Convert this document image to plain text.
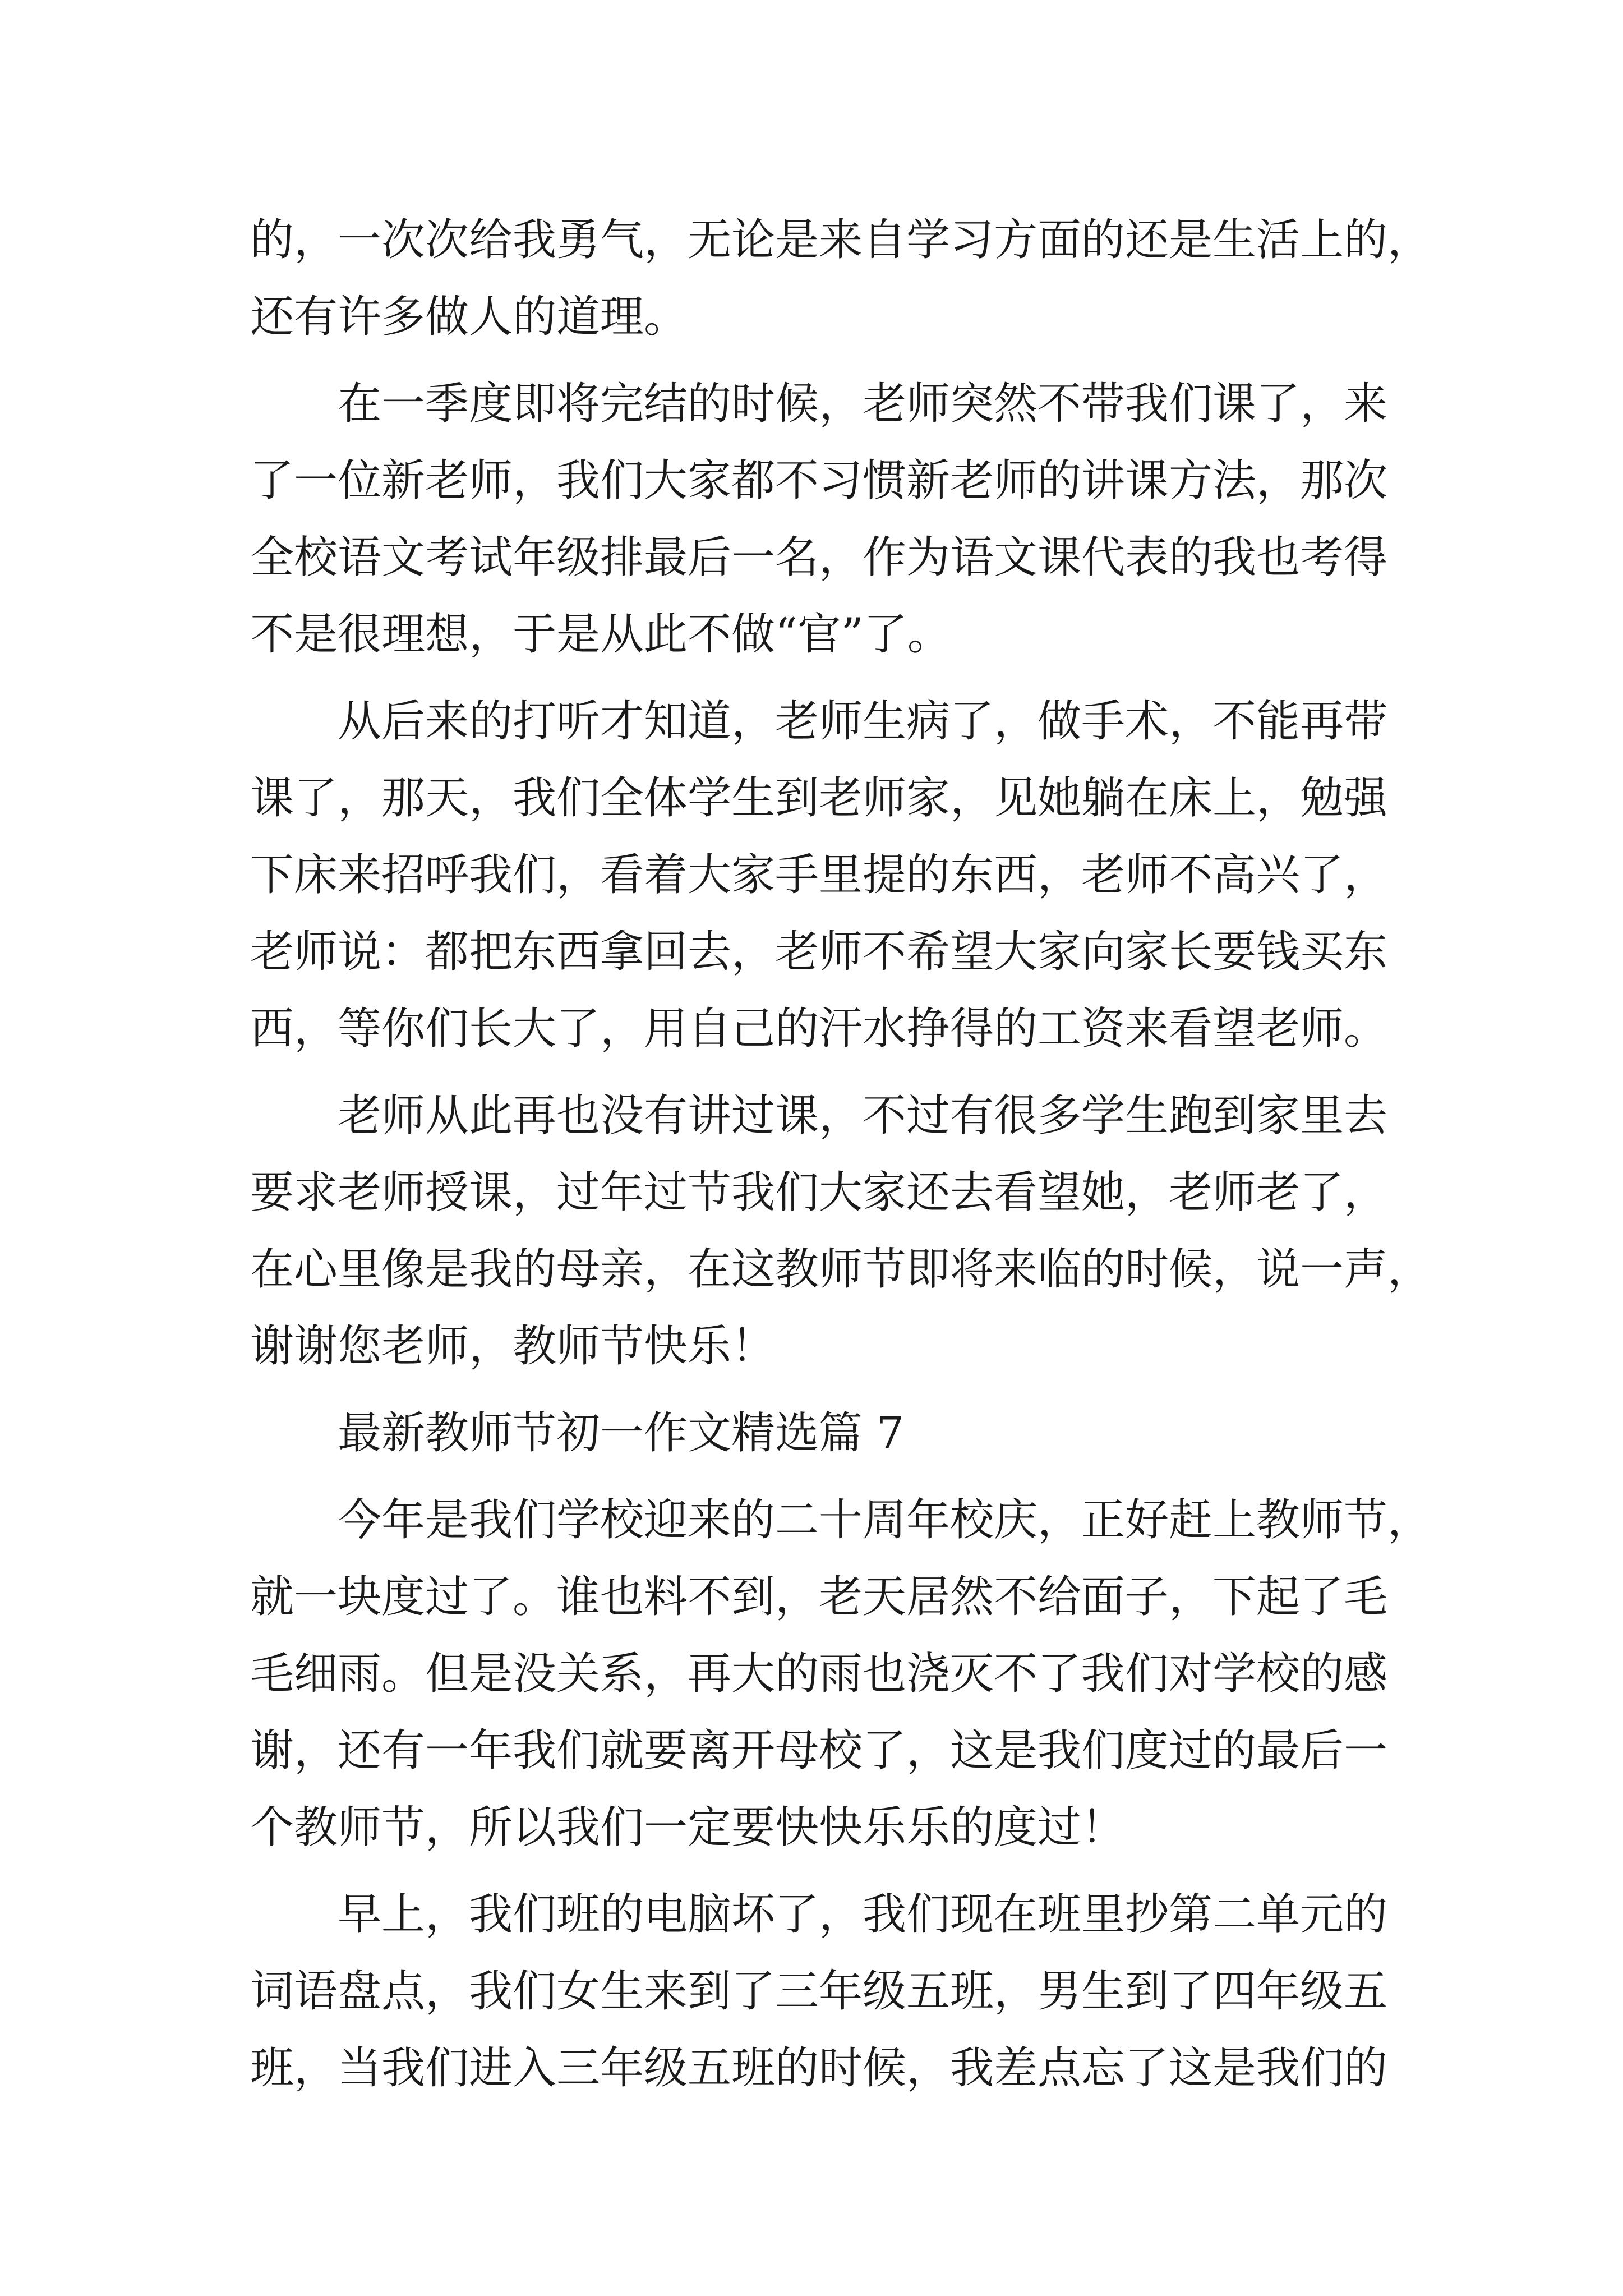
的，一次次给我勇气，无论是来自学习方面的还是生活上的，
还有许多做人的道理。
在一季度即将完结的时候，老师突然不带我们课了，来
了一位新老师，我们大家都不习惯新老师的讲课方法，那次
全校语文考试年级排最后一名，作为语文课代表的我也考得
不是很理想，于是从此不做“官”了。
从后来的打听才知道，老师生病了，做手术，不能再带
课了，那天，我们全体学生到老师家，见她躺在床上，勉强
下床来招呼我们，看着大家手里提的东西，老师不高兴了，
老师说：都把东西拿回去，老师不希望大家向家长要钱买东
西，等你们长大了，用自己的汗水挣得的工资来看望老师。
老师从此再也没有讲过课，不过有很多学生跑到家里去
要求老师授课，过年过节我们大家还去看望她，老师老了，
在心里像是我的母亲，在这教师节即将来临的时候，说一声，
谢谢您老师，教师节快乐！
最新教师节初一作文精选篇 7
今年是我们学校迎来的二十周年校庆，正好赶上教师节，
就一块度过了。谁也料不到，老天居然不给面子，下起了毛
毛细雨。但是没关系，再大的雨也浇灭不了我们对学校的感
谢，还有一年我们就要离开母校了，这是我们度过的最后一
个教师节，所以我们一定要快快乐乐的度过！
早上，我们班的电脑坏了，我们现在班里抄第二单元的
词语盘点，我们女生来到了三年级五班，男生到了四年级五
班，当我们进入三年级五班的时候，我差点忘了这是我们的
